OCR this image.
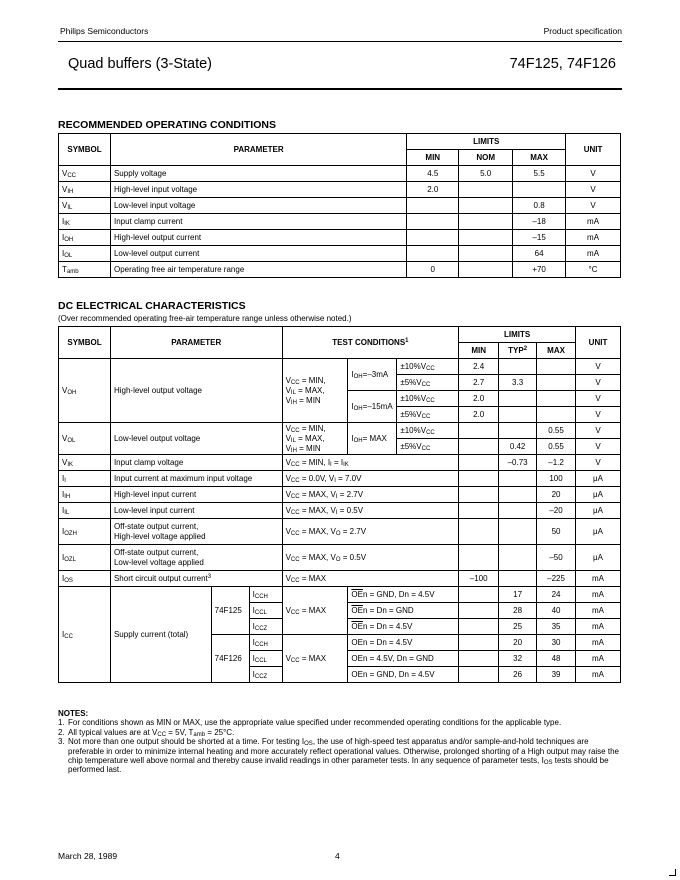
Philips Semiconductors	Product specification
Quad buffers (3-State)	74F125, 74F126
RECOMMENDED OPERATING CONDITIONS
SYMBOL	PARAMETER	LIMITS			UNIT
		MIN	NOM	MAX	
$V_{CC}$	Supply voltage	4.5	5.0	5.5	V
$V_{IH}$	High-level input voltage	2.0			V
$V_{IL}$	Low-level input voltage			0.8	V
$I_{IK}$	Input clamp current			–18	mA
$I_{OH}$	High-level output current			–15	mA
$I_{OL}$	Low-level output current			64	mA
$T_{amb}$	Operating free air temperature range	0		+70	°C
DC ELECTRICAL CHARACTERISTICS
(Over recommended operating free-air temperature range unless otherwise noted.)
SYMBOL	PARAMETER			TEST CONDITIONS$^1$			LIMITS			UNIT
							MIN	TYP$^2$	MAX	
$V_{OH}$	High-level output voltage			$V_{CC}$ = MIN,
$V_{IL}$ = MAX,
$V_{IH}$ = MIN	$I_{OH}=-3mA$	$\pm 10\%V_{CC}$	2.4			V
						$\pm 5\%V_{CC}$	2.7	3.3		V
					$I_{OH}=-15mA$	$\pm 10\%V_{CC}$	2.0			V
						$\pm 5\%V_{CC}$	2.0			V
$V_{OL}$	Low-level output voltage			$V_{CC}$ = MIN,
$V_{IL}$ = MAX,
$V_{IH}$ = MIN	$I_{OH}=$ MAX	$\pm 10\%V_{CC}$			0.55	V
						$\pm 5\%V_{CC}$		0.42	0.55	V
$V_{IK}$	Input clamp voltage			$V_{CC}$ = MIN, $I_I = I_{IK}$				–0.73	–1.2	V
$I_I$	Input current at maximum input voltage			$V_{CC} = 0.0V$, $V_I = 7.0V$					100	μA
$I_{IH}$	High-level input current			$V_{CC}$ = MAX, $V_I = 2.7V$					20	μA
$I_{IL}$	Low-level input current			$V_{CC}$ = MAX, $V_I = 0.5V$					–20	μA
$I_{OZH}$	Off-state output current,
High-level voltage applied			$V_{CC}$ = MAX, $V_O = 2.7V$					50	μA
$I_{OZL}$	Off-state output current,
Low-level voltage applied			$V_{CC}$ = MAX, $V_O = 0.5V$					–50	μA
$I_{OS}$	Short circuit output current$^3$			$V_{CC}$ = MAX			–100		–225	mA
$I_{CC}$	Supply current (total)	74F125	$I_{CCH}$	$V_{CC}$ = MAX	$\overline{OE}n$ = GND, Dn = 4.5V			17	24	mA
			$I_{CCL}$		$\overline{OE}n = Dn$ = GND			28	40	mA
			$I_{CCZ}$		$\overline{OE}n = Dn = 4.5V$			25	35	mA
		74F126	$I_{CCH}$	$V_{CC}$ = MAX	OEn = Dn = 4.5V			20	30	mA
			$I_{CCL}$		OEn = 4.5V, Dn = GND			32	48	mA
			$I_{CCZ}$		OEn = GND, Dn = 4.5V			26	39	mA
NOTES:
1. For conditions shown as MIN or MAX, use the appropriate value specified under recommended operating conditions for the applicable type.
2. All typical values are at $V_{CC} = 5V$, $T_{amb} = 25^\circ C$.
3. Not more than one output should be shorted at a time. For testing $I_{OS}$, the use of high-speed test apparatus and/or sample-and-hold techniques are preferable in order to minimize internal heating and more accurately reflect operational values. Otherwise, prolonged shorting of a High output may raise the chip temperature well above normal and thereby cause invalid readings in other parameter tests. In any sequence of parameter tests, $I_{OS}$ tests should be performed last.
March 28, 1989	4
